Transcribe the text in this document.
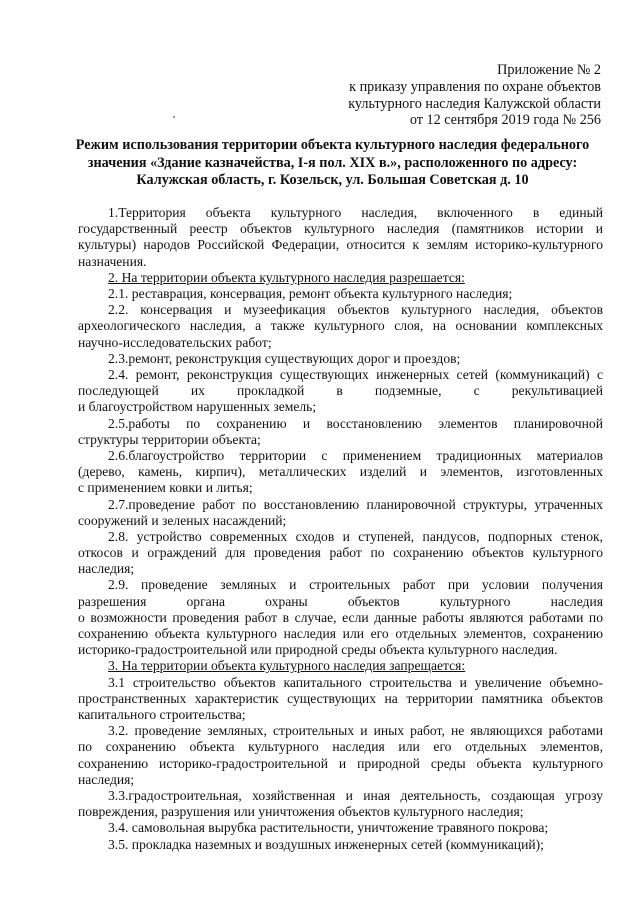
Приложение № 2
к приказу управления по охране объектов
культурного наследия Калужской области
от 12 сентября 2019 года № 256
Режим использования территории объекта культурного наследия федерального
значения «Здание казначейства, I-я пол. XIX в.», расположенного по адресу:
Калужская область, г. Козельск, ул. Большая Советская д. 10
1.Территория объекта культурного наследия, включенного в единый
государственный реестр объектов культурного наследия (памятников истории и
культуры) народов Российской Федерации, относится к землям историко-культурного
назначения.
2. На территории объекта культурного наследия разрешается:
2.1. реставрация, консервация, ремонт объекта культурного наследия;
2.2. консервация и музеефикация объектов культурного наследия, объектов
археологического наследия, а также культурного слоя, на основании комплексных
научно-исследовательских работ;
2.3.ремонт, реконструкция существующих дорог и проездов;
2.4. ремонт, реконструкция существующих инженерных сетей (коммуникаций) с
последующей их прокладкой в подземные, с рекультивацией
и благоустройством нарушенных земель;
2.5.работы по сохранению и восстановлению элементов планировочной
структуры территории объекта;
2.6.благоустройство территории с применением традиционных материалов
(дерево, камень, кирпич), металлических изделий и элементов, изготовленных
с применением ковки и литья;
2.7.проведение работ по восстановлению планировочной структуры, утраченных
сооружений и зеленых насаждений;
2.8. устройство современных сходов и ступеней, пандусов, подпорных стенок,
откосов и ограждений для проведения работ по сохранению объектов культурного
наследия;
2.9. проведение земляных и строительных работ при условии получения
разрешения органа охраны объектов культурного наследия
о возможности проведения работ в случае, если данные работы являются работами по
сохранению объекта культурного наследия или его отдельных элементов, сохранению
историко-градостроительной или природной среды объекта культурного наследия.
3. На территории объекта культурного наследия запрещается:
3.1 строительство объектов капитального строительства и увеличение объемно-
пространственных характеристик существующих на территории памятника объектов
капитального строительства;
3.2. проведение земляных, строительных и иных работ, не являющихся работами
по сохранению объекта культурного наследия или его отдельных элементов,
сохранению историко-градостроительной и природной среды объекта культурного
наследия;
3.3.градостроительная, хозяйственная и иная деятельность, создающая угрозу
повреждения, разрушения или уничтожения объектов культурного наследия;
3.4. самовольная вырубка растительности, уничтожение травяного покрова;
3.5. прокладка наземных и воздушных инженерных сетей (коммуникаций);
